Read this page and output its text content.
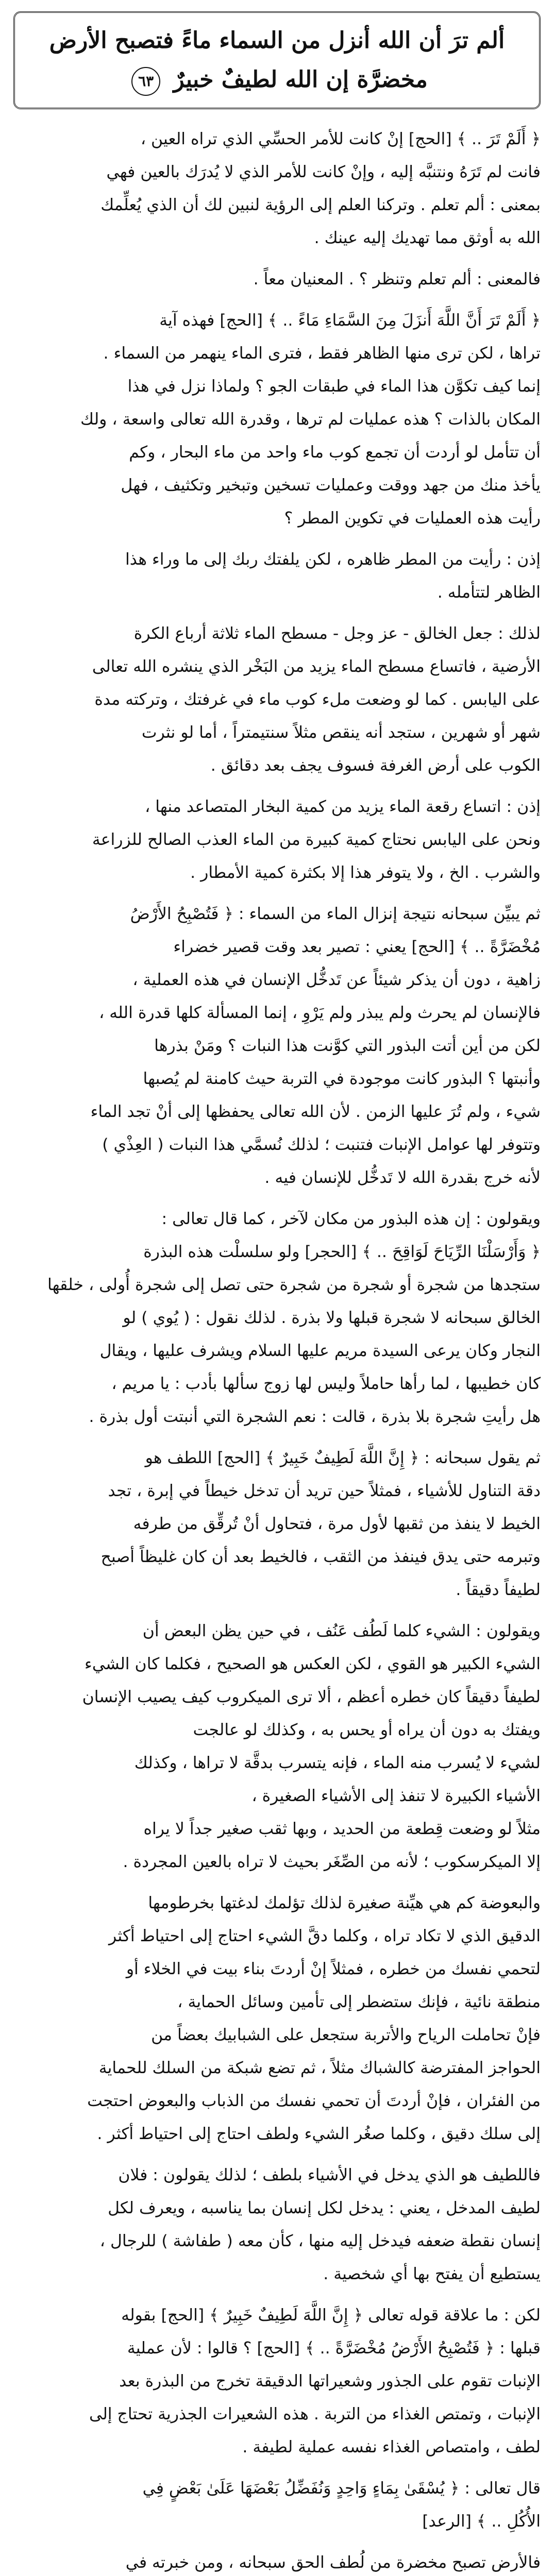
ألم ترَ أن الله أنزل من السماء ماءً فتصبح الأرض
مخضرَّة إن الله لطيفٌ خبيرٌ ٦٣

﴿ أَلَمْ تَرَ .. ﴾ [الحج] إنْ كانت للأمر الحسِّي الذي تراه العين ،
فانت لم تَرَهُ ونتنبَّه إليه ، وإنْ كانت للأمر الذي لا يُدرَك بالعين فهي
بمعنى : ألم تعلم . وتركنا العلم إلى الرؤية لنبين لك أن الذي يُعلِّمك
الله به أوثق مما تهديك إليه عينك .

فالمعنى : ألم تعلم وتنظر ؟ . المعنيان معاً .

﴿ أَلَمْ تَرَ أَنَّ اللَّهَ أَنزَلَ مِنَ السَّمَاءِ مَاءً .. ﴾ [الحج] فهذه آية
تراها ، لكن ترى منها الظاهر فقط ، فترى الماء ينهمر من السماء .
إنما كيف تكوَّن هذا الماء في طبقات الجو ؟ ولماذا نزل في هذا
المكان بالذات ؟ هذه عمليات لم ترها ، وقدرة الله تعالى واسعة ، ولك
أن تتأمل لو أردت أن تجمع كوب ماء واحد من ماء البحار ، وكم
يأخذ منك من جهد ووقت وعمليات تسخين وتبخير وتكثيف ، فهل
رأيت هذه العمليات في تكوين المطر ؟

إذن : رأيت من المطر ظاهره ، لكن يلفتك ربك إلى ما وراء هذا
الظاهر لتتأمله .

لذلك : جعل الخالق - عز وجل - مسطح الماء ثلاثة أرباع الكرة
الأرضية ، فاتساع مسطح الماء يزيد من البَخْر الذي ينشره الله تعالى
على اليابس . كما لو وضعت ملء كوب ماء في غرفتك ، وتركته مدة
شهر أو شهرين ، ستجد أنه ينقص مثلاً سنتيمتراً ، أما لو نثرت
الكوب على أرض الغرفة فسوف يجف بعد دقائق .

إذن : اتساع رقعة الماء يزيد من كمية البخار المتصاعد منها ،
ونحن على اليابس نحتاج كمية كبيرة من الماء العذب الصالح للزراعة
والشرب . الخ ، ولا يتوفر هذا إلا بكثرة كمية الأمطار .

ثم يبيِّن سبحانه نتيجة إنزال الماء من السماء : ﴿ فَتُصْبِحُ الأَرْضُ
مُخْضَرَّةً .. ﴾ [الحج] يعني : تصير بعد وقت قصير خضراء
زاهية ، دون أن يذكر شيئاً عن تَدخُّل الإنسان في هذه العملية ،
فالإنسان لم يحرث ولم يبذر ولم يَرْوِ ، إنما المسألة كلها قدرة الله ،
لكن من أين أتت البذور التي كوَّنت هذا النبات ؟ ومَنْ بذرها
وأنبتها ؟ البذور كانت موجودة في التربة حيث كامنة لم يُصبها
شيء ، ولم تُرَ عليها الزمن . لأن الله تعالى يحفظها إلى أنْ تجد الماء
وتتوفر لها عوامل الإنبات فتنبت ؛ لذلك نُسمَّي هذا النبات ( العِذْي )
لأنه خرج بقدرة الله لا تَدخُّل للإنسان فيه .

ويقولون : إن هذه البذور من مكان لآخر ، كما قال تعالى :
﴿ وَأَرْسَلْنَا الرِّيَاحَ لَوَاقِحَ .. ﴾ [الحجر] ولو سلسلْت هذه البذرة
ستجدها من شجرة أو شجرة من شجرة حتى تصل إلى شجرة أُولى ، خلقها
الخالق سبحانه لا شجرة قبلها ولا بذرة . لذلك نقول : ( يُوي ) لو
النجار وكان يرعى السيدة مريم عليها السلام ويشرف عليها ، ويقال
كان خطيبها ، لما رأها حاملاً وليس لها زوج سألها بأدب : يا مريم ،
هل رأيتِ شجرة بلا بذرة ، قالت : نعم الشجرة التي أنبتت أول بذرة .

ثم يقول سبحانه : ﴿ إِنَّ اللَّهَ لَطِيفٌ خَبِيرٌ ﴾ [الحج] اللطف هو
دقة التناول للأشياء ، فمثلاً حين تريد أن تدخل خيطاً في إبرة ، تجد
الخيط لا ينفذ من ثقبها لأول مرة ، فتحاول أنْ تُرقِّق من طرفه
وتبرمه حتى يدق فينفذ من الثقب ، فالخيط بعد أن كان غليظاً أصبح
لطيفاً دقيقاً .

ويقولون : الشيء كلما لَطُف عَنُف ، في حين يظن البعض أن
الشيء الكبير هو القوي ، لكن العكس هو الصحيح ، فكلما كان الشيء
لطيفاً دقيقاً كان خطره أعظم ، ألا ترى الميكروب كيف يصيب الإنسان
ويفتك به دون أن يراه أو يحس به ، وكذلك لو عالجت
لشيء لا يُسرب منه الماء ، فإنه يتسرب بدقَّة لا تراها ، وكذلك
الأشياء الكبيرة لا تنفذ إلى الأشياء الصغيرة ،
مثلاً لو وضعت قِطعة من الحديد ، وبها ثقب صغير جداً لا يراه
إلا الميكرسكوب ؛ لأنه من الصِّغَر بحيث لا تراه بالعين المجردة .

والبعوضة كم هي هيِّنة صغيرة لذلك تؤلمك لدغتها بخرطومها
الدقيق الذي لا تكاد تراه ، وكلما دقَّ الشيء احتاج إلى احتياط أكثر
لتحمي نفسك من خطره ، فمثلاً إنْ أردتَ بناء بيت في الخلاء أو
منطقة نائية ، فإنك ستضطر إلى تأمين وسائل الحماية ،
فإنْ تحاملت الرياح والأتربة ستجعل على الشبابيك بعضاً من
الحواجز المفترضة كالشباك مثلاً ، ثم تضع شبكة من السلك للحماية
من الفئران ، فإنْ أردتَ أن تحمي نفسك من الذباب والبعوض احتجت
إلى سلك دقيق ، وكلما صغُر الشيء ولطف احتاج إلى احتياط أكثر .

فاللطيف هو الذي يدخل في الأشياء بلطف ؛ لذلك يقولون : فلان
لطيف المدخل ، يعني : يدخل لكل إنسان بما يناسبه ، ويعرف لكل
إنسان نقطة ضعفه فيدخل إليه منها ، كأن معه ( طفاشة ) للرجال ،
يستطيع أن يفتح بها أي شخصية .

لكن : ما علاقة قوله تعالى ﴿ إِنَّ اللَّهَ لَطِيفٌ خَبِيرٌ ﴾ [الحج] بقوله
قبلها : ﴿ فَتُصْبِحُ الأَرْضُ مُخْضَرَّةً .. ﴾ [الحج] ؟ قالوا : لأن عملية
الإنبات تقوم على الجذور وشعيراتها الدقيقة تخرج من البذرة بعد
الإنبات ، وتمتص الغذاء من التربة . هذه الشعيرات الجذرية تحتاج إلى
لطف ، وامتصاص الغذاء نفسه عملية لطيفة .

قال تعالى : ﴿ يُسْقَىٰ بِمَاءٍ وَاحِدٍ وَنُفَضِّلُ بَعْضَهَا عَلَىٰ بَعْضٍ فِي
الأُكُلِ .. ﴾ [الرعد]

فالأرض تصبح مخضرة من لُطف الحق سبحانه ، ومن خبرته في
